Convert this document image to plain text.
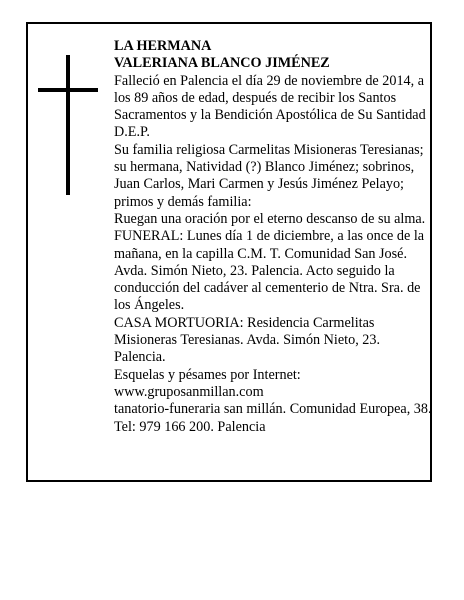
LA HERMANA

VALERIANA BLANCO JIMÉNEZ

Falleció en Palencia el día 29 de noviembre de 2014, a

los 89 años de edad, después de recibir los Santos

Sacramentos y la Bendición Apostólica de Su Santidad

D.E.P.

Su familia religiosa Carmelitas Misioneras Teresianas;

su hermana, Natividad (?) Blanco Jiménez; sobrinos,

Juan Carlos, Mari Carmen y Jesús Jiménez Pelayo;

primos y demás familia:

Ruegan una oración por el eterno descanso de su alma.

FUNERAL: Lunes día 1 de diciembre, a las once de la

mañana, en la capilla C.M. T. Comunidad San José.

Avda. Simón Nieto, 23. Palencia. Acto seguido la

conducción del cadáver al cementerio de Ntra. Sra. de

los Ángeles.

CASA MORTUORIA: Residencia Carmelitas

Misioneras Teresianas. Avda. Simón Nieto, 23.

Palencia.

Esquelas y pésames por Internet:

www.gruposanmillan.com

tanatorio-funeraria san millán. Comunidad Europea, 38.

Tel: 979 166 200. Palencia
